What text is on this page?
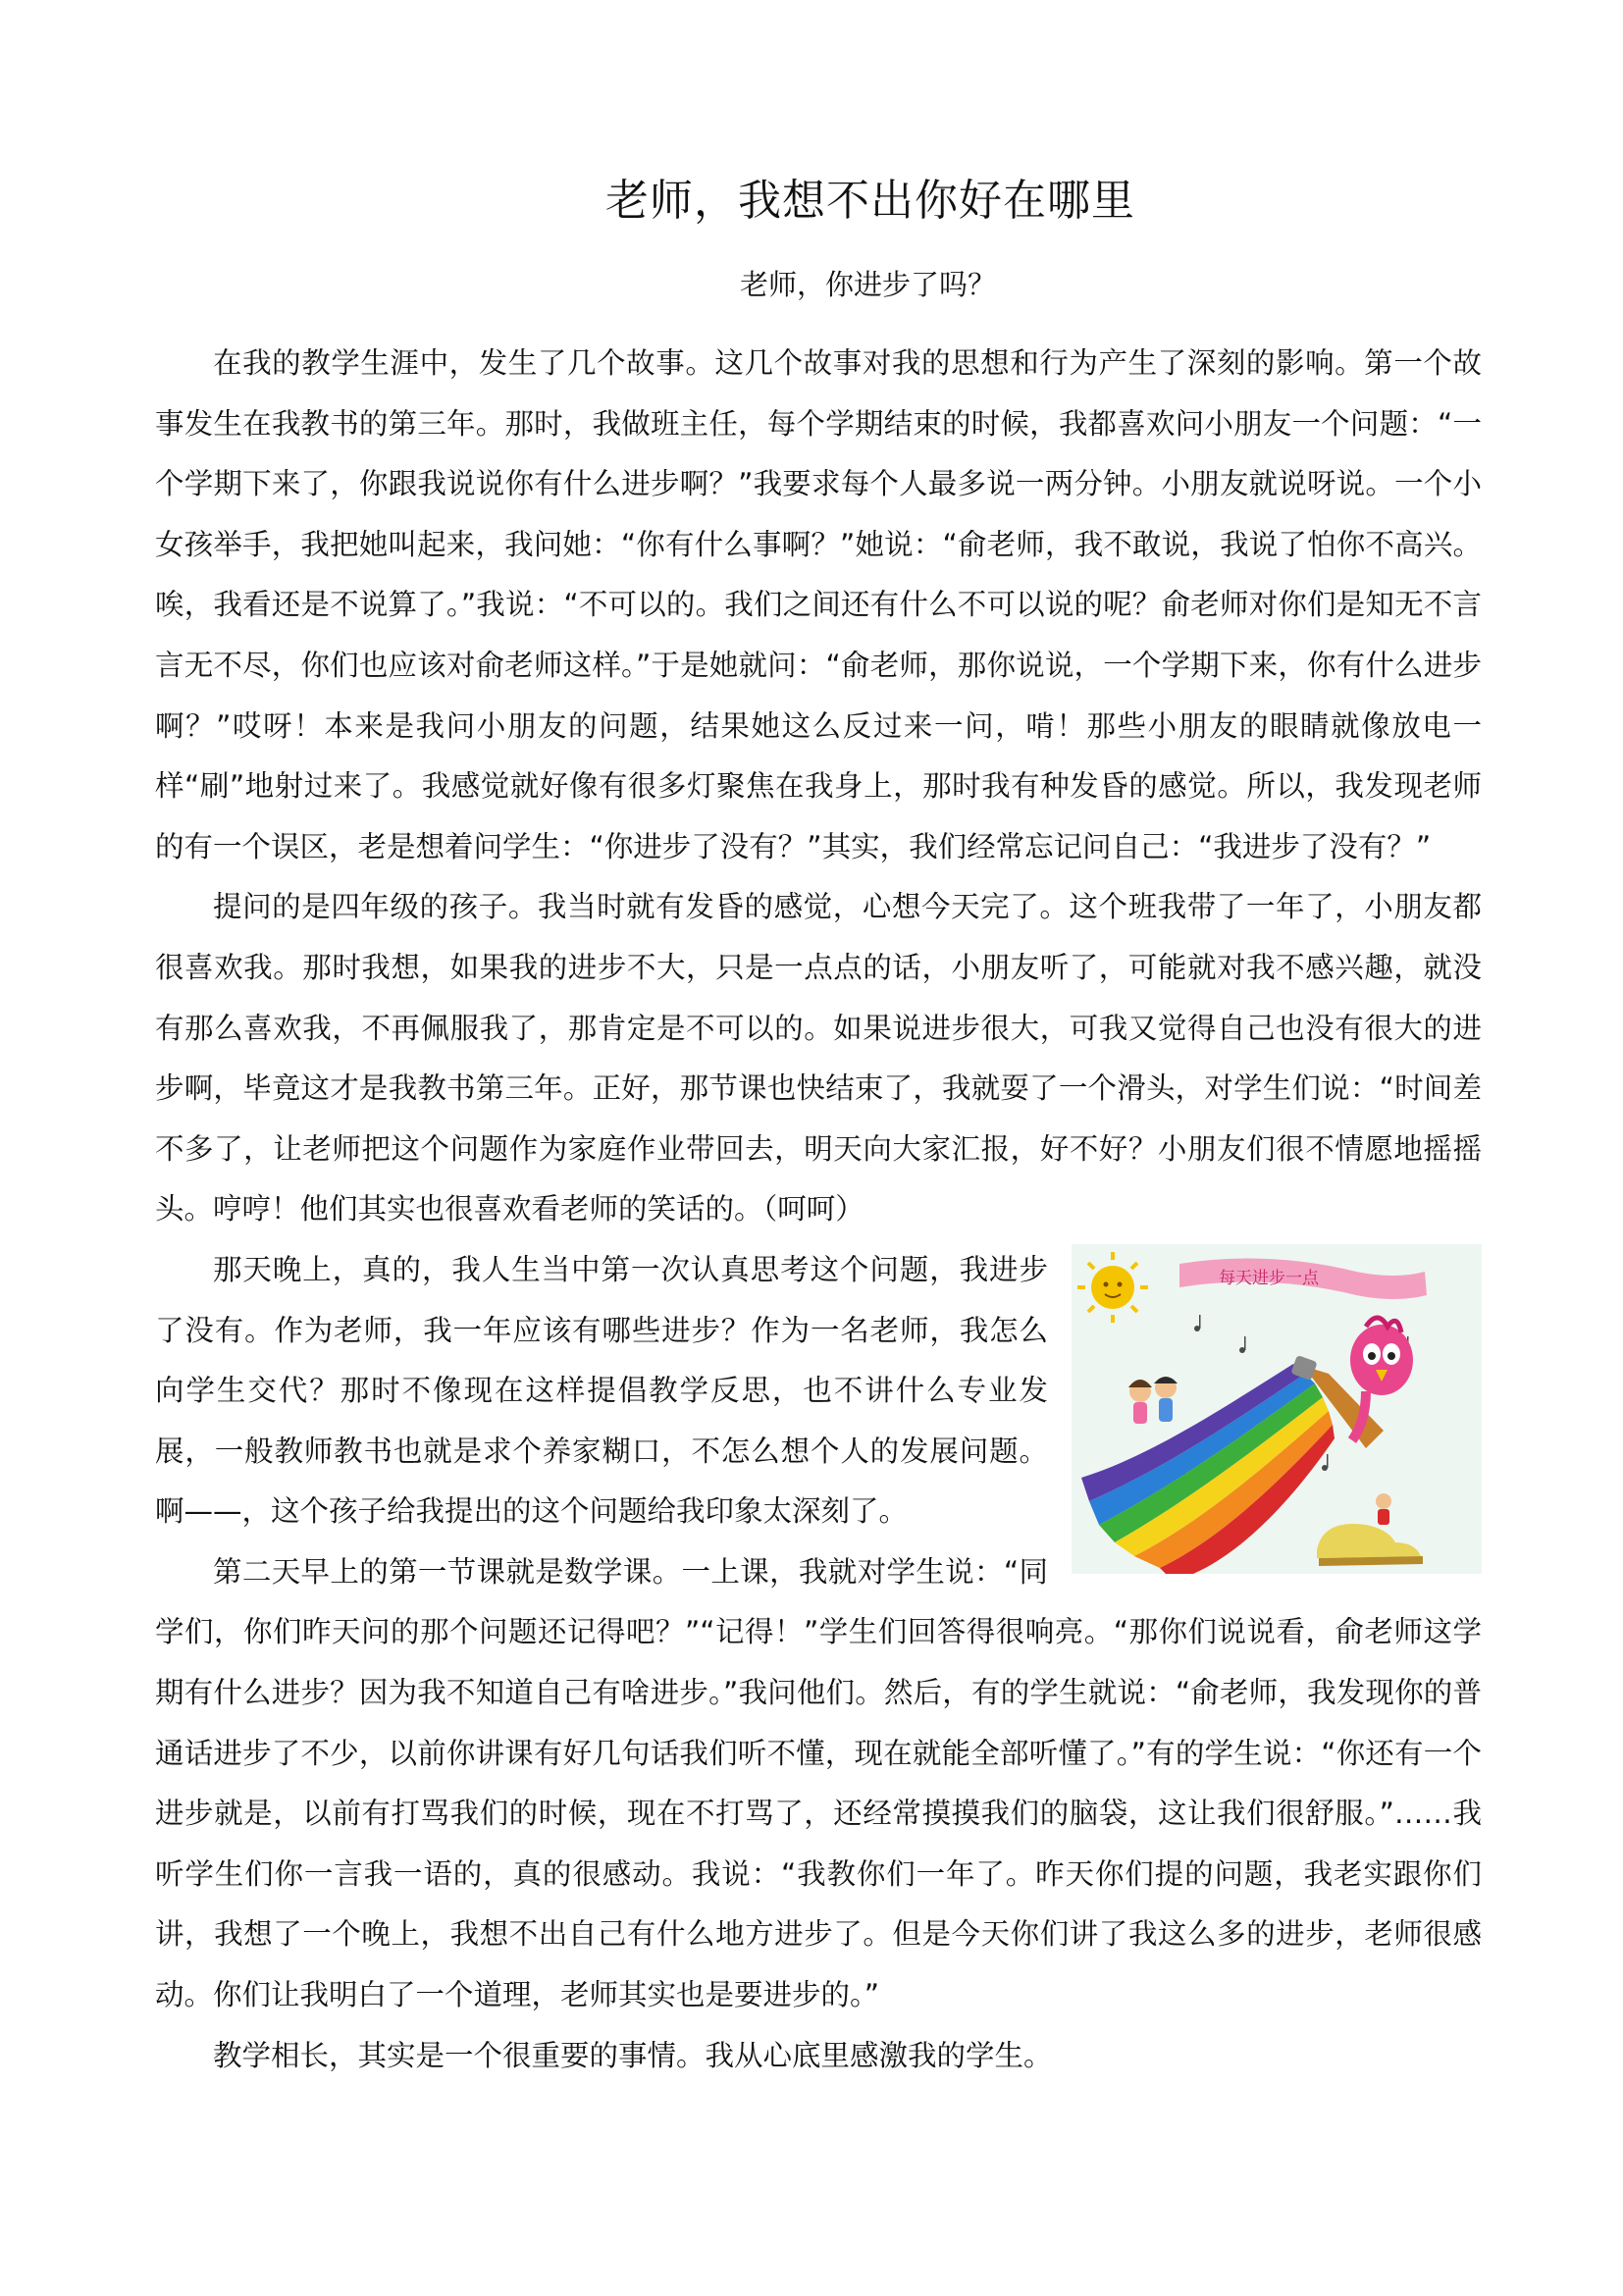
老师，我想不出你好在哪里
老师，你进步了吗？

在我的教学生涯中，发生了几个故事。这几个故事对我的思想和行为产生了深刻的影响。第一个故事发生在我教书的第三年。那时，我做班主任，每个学期结束的时候，我都喜欢问小朋友一个问题：“一个学期下来了，你跟我说说你有什么进步啊？”我要求每个人最多说一两分钟。小朋友就说呀说。一个小女孩举手，我把她叫起来，我问她：“你有什么事啊？”她说：“俞老师，我不敢说，我说了怕你不高兴。唉，我看还是不说算了。”我说：“不可以的。我们之间还有什么不可以说的呢？俞老师对你们是知无不言言无不尽，你们也应该对俞老师这样。”于是她就问：“俞老师，那你说说，一个学期下来，你有什么进步啊？”哎呀！本来是我问小朋友的问题，结果她这么反过来一问，啃！那些小朋友的眼睛就像放电一样“刷”地射过来了。我感觉就好像有很多灯聚焦在我身上，那时我有种发昏的感觉。所以，我发现老师的有一个误区，老是想着问学生：“你进步了没有？”其实，我们经常忘记问自己：“我进步了没有？”

提问的是四年级的孩子。我当时就有发昏的感觉，心想今天完了。这个班我带了一年了，小朋友都很喜欢我。那时我想，如果我的进步不大，只是一点点的话，小朋友听了，可能就对我不感兴趣，就没有那么喜欢我，不再佩服我了，那肯定是不可以的。如果说进步很大，可我又觉得自己也没有很大的进步啊，毕竟这才是我教书第三年。正好，那节课也快结束了，我就耍了一个滑头，对学生们说：“时间差不多了，让老师把这个问题作为家庭作业带回去，明天向大家汇报，好不好？小朋友们很不情愿地摇摇头。哼哼！他们其实也很喜欢看老师的笑话的。（呵呵）

每天进步一点

那天晚上，真的，我人生当中第一次认真思考这个问题，我进步了没有。作为老师，我一年应该有哪些进步？作为一名老师，我怎么向学生交代？那时不像现在这样提倡教学反思，也不讲什么专业发展，一般教师教书也就是求个养家糊口，不怎么想个人的发展问题。啊——，这个孩子给我提出的这个问题给我印象太深刻了。

第二天早上的第一节课就是数学课。一上课，我就对学生说：“同学们，你们昨天问的那个问题还记得吧？”“记得！”学生们回答得很响亮。“那你们说说看，俞老师这学期有什么进步？因为我不知道自己有啥进步。”我问他们。然后，有的学生就说：“俞老师，我发现你的普通话进步了不少，以前你讲课有好几句话我们听不懂，现在就能全部听懂了。”有的学生说：“你还有一个进步就是，以前有打骂我们的时候，现在不打骂了，还经常摸摸我们的脑袋，这让我们很舒服。”……我听学生们你一言我一语的，真的很感动。我说：“我教你们一年了。昨天你们提的问题，我老实跟你们讲，我想了一个晚上，我想不出自己有什么地方进步了。但是今天你们讲了我这么多的进步，老师很感动。你们让我明白了一个道理，老师其实也是要进步的。”

教学相长，其实是一个很重要的事情。我从心底里感激我的学生。
